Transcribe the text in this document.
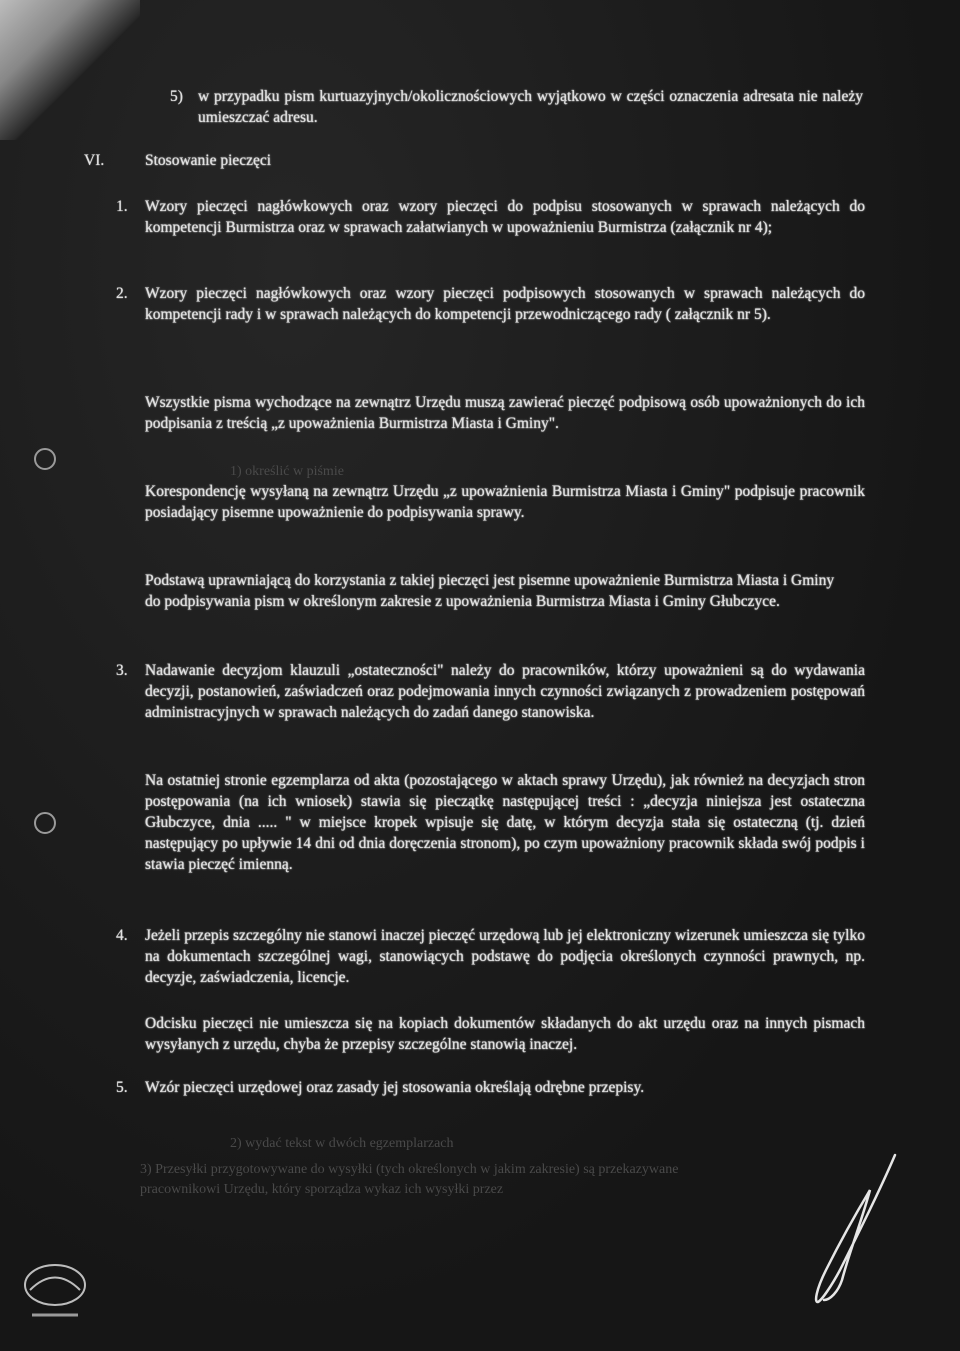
1) określić w piśmie
2) wydać tekst w dwóch egzemplarzach
3) Przesyłki przygotowywane do wysyłki (tych określonych w jakim zakresie) są przekazywane
pracownikowi Urzędu, który sporządza wykaz ich wysyłki przez
5) w przypadku pism kurtuazyjnych/okolicznościowych wyjątkowo w części oznaczenia adresata nie należy umieszczać adresu.
VI.	Stosowanie pieczęci
1. Wzory pieczęci nagłówkowych oraz wzory pieczęci do podpisu stosowanych w sprawach należących do kompetencji Burmistrza oraz w sprawach załatwianych w upoważnieniu Burmistrza (załącznik nr 4);
2. Wzory pieczęci nagłówkowych oraz wzory pieczęci podpisowych stosowanych w sprawach należących do kompetencji rady i w sprawach należących do kompetencji przewodniczącego rady ( załącznik nr 5).
Wszystkie pisma wychodzące na zewnątrz Urzędu muszą zawierać pieczęć podpisową osób upoważnionych do ich podpisania z treścią „z upoważnienia Burmistrza Miasta i Gminy".
Korespondencję wysyłaną na zewnątrz Urzędu „z upoważnienia Burmistrza Miasta i Gminy" podpisuje pracownik posiadający pisemne upoważnienie do podpisywania sprawy.
Podstawą uprawniającą do korzystania z takiej pieczęci jest pisemne upoważnienie Burmistrza Miasta i Gminy do podpisywania pism w określonym zakresie z upoważnienia Burmistrza Miasta i Gminy Głubczyce.
3. Nadawanie decyzjom klauzuli „ostateczności" należy do pracowników, którzy upoważnieni są do wydawania decyzji, postanowień, zaświadczeń oraz podejmowania innych czynności związanych z prowadzeniem postępowań administracyjnych w sprawach należących do zadań danego stanowiska.
Na ostatniej stronie egzemplarza od akta (pozostającego w aktach sprawy Urzędu), jak również na decyzjach stron postępowania (na ich wniosek) stawia się pieczątkę następującej treści : „decyzja niniejsza jest ostateczna Głubczyce, dnia ..... " w miejsce kropek wpisuje się datę, w którym decyzja stała się ostateczną (tj. dzień następujący po upływie 14 dni od dnia doręczenia stronom), po czym upoważniony pracownik składa swój podpis i stawia pieczęć imienną.
4. Jeżeli przepis szczególny nie stanowi inaczej pieczęć urzędową lub jej elektroniczny wizerunek umieszcza się tylko na dokumentach szczególnej wagi, stanowiących podstawę do podjęcia określonych czynności prawnych, np. decyzje, zaświadczenia, licencje.
Odcisku pieczęci nie umieszcza się na kopiach dokumentów składanych do akt urzędu oraz na innych pismach wysyłanych z urzędu, chyba że przepisy szczególne stanowią inaczej.
5. Wzór pieczęci urzędowej oraz zasady jej stosowania określają odrębne przepisy.
